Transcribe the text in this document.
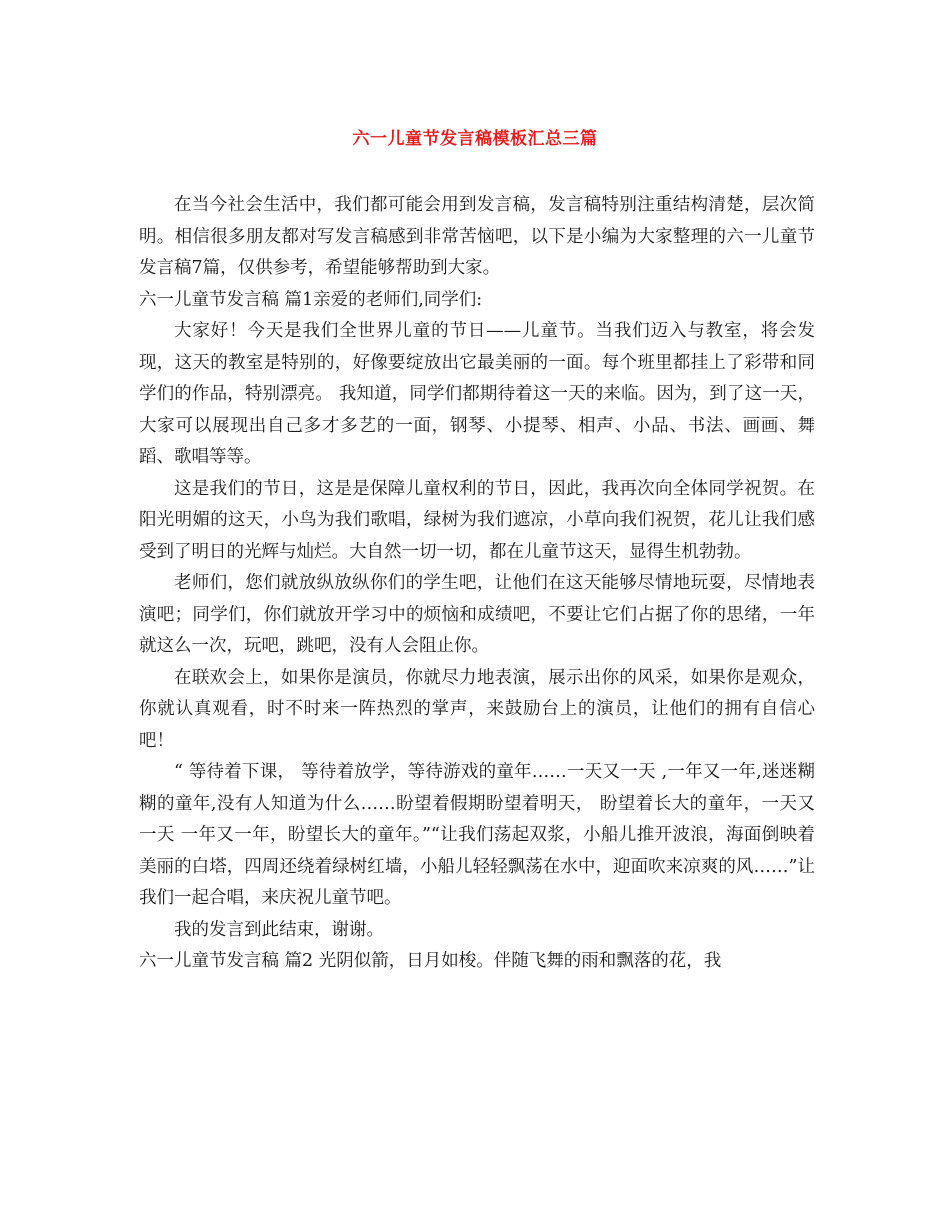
六一儿童节发言稿模板汇总三篇

在当今社会生活中，我们都可能会用到发言稿，发言稿特别注重结构清楚，层次简明。相信很多朋友都对写发言稿感到非常苦恼吧，以下是小编为大家整理的六一儿童节发言稿7篇，仅供参考，希望能够帮助到大家。

六一儿童节发言稿 篇1亲爱的老师们,同学们:

大家好！今天是我们全世界儿童的节日——儿童节。当我们迈入与教室，将会发现，这天的教室是特别的，好像要绽放出它最美丽的一面。每个班里都挂上了彩带和同学们的作品，特别漂亮。 我知道，同学们都期待着这一天的来临。因为，到了这一天，大家可以展现出自己多才多艺的一面，钢琴、小提琴、相声、小品、书法、画画、舞蹈、歌唱等等。

这是我们的节日，这是是保障儿童权利的节日，因此，我再次向全体同学祝贺。在阳光明媚的这天，小鸟为我们歌唱，绿树为我们遮凉，小草向我们祝贺，花儿让我们感受到了明日的光辉与灿烂。大自然一切一切，都在儿童节这天，显得生机勃勃。

老师们，您们就放纵放纵你们的学生吧，让他们在这天能够尽情地玩耍，尽情地表演吧；同学们，你们就放开学习中的烦恼和成绩吧，不要让它们占据了你的思绪，一年就这么一次，玩吧，跳吧，没有人会阻止你。

在联欢会上，如果你是演员，你就尽力地表演，展示出你的风采，如果你是观众，你就认真观看，时不时来一阵热烈的掌声，来鼓励台上的演员，让他们的拥有自信心吧！

“ 等待着下课， 等待着放学，等待游戏的童年……一天又一天 ,一年又一年,迷迷糊糊的童年,没有人知道为什么……盼望着假期盼望着明天， 盼望着长大的童年，一天又一天 一年又一年，盼望长大的童年。”“让我们荡起双浆，小船儿推开波浪，海面倒映着美丽的白塔，四周还绕着绿树红墙，小船儿轻轻飘荡在水中，迎面吹来凉爽的风……”让我们一起合唱，来庆祝儿童节吧。

我的发言到此结束，谢谢。

六一儿童节发言稿 篇2 光阴似箭，日月如梭。伴随飞舞的雨和飘落的花，我
